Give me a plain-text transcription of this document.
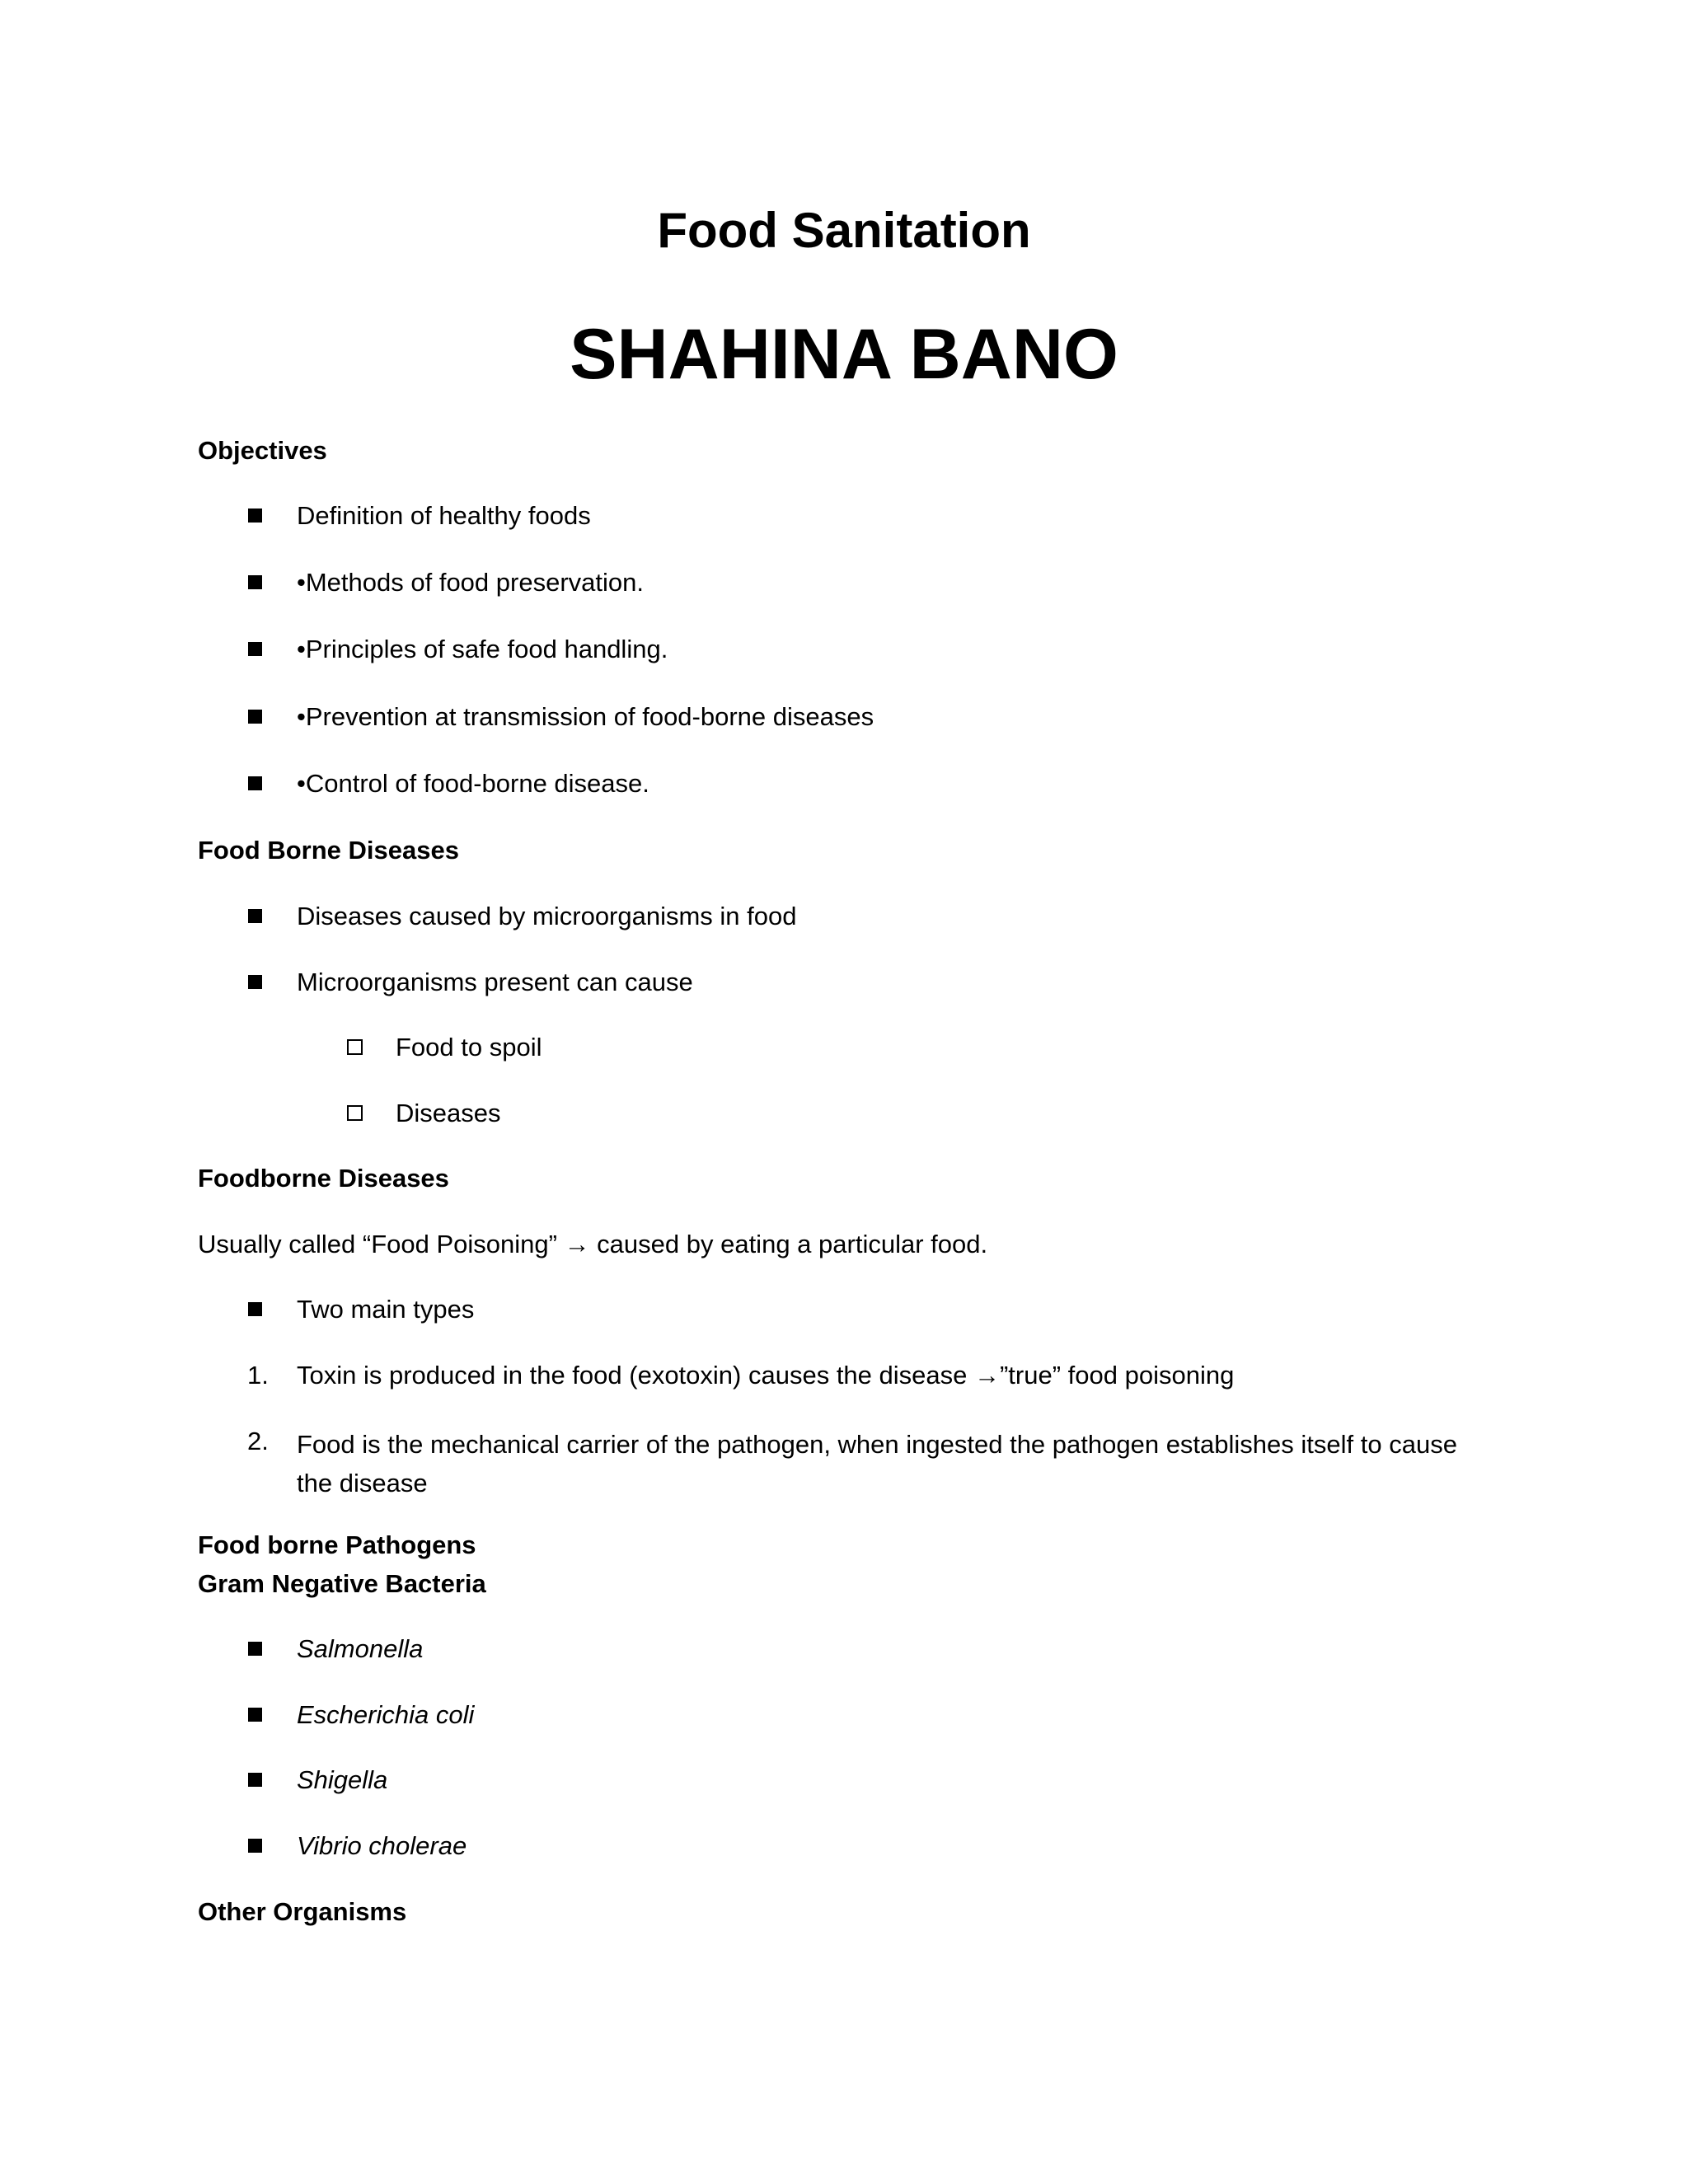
Food Sanitation
SHAHINA BANO
Objectives
Definition of healthy foods
•Methods of food preservation.
•Principles of safe food handling.
•Prevention at transmission of food-borne diseases
•Control of food-borne disease.
Food Borne Diseases
Diseases caused by microorganisms in food
Microorganisms present can cause
Food to spoil
Diseases
Foodborne Diseases
Usually called “Food Poisoning” → caused by eating a particular food.
Two main types
1. Toxin is produced in the food (exotoxin) causes the disease →”true” food poisoning
2. Food is the mechanical carrier of the pathogen, when ingested the pathogen establishes itself to cause the disease
Food borne Pathogens
Gram Negative Bacteria
Salmonella
Escherichia coli
Shigella
Vibrio cholerae
Other Organisms
